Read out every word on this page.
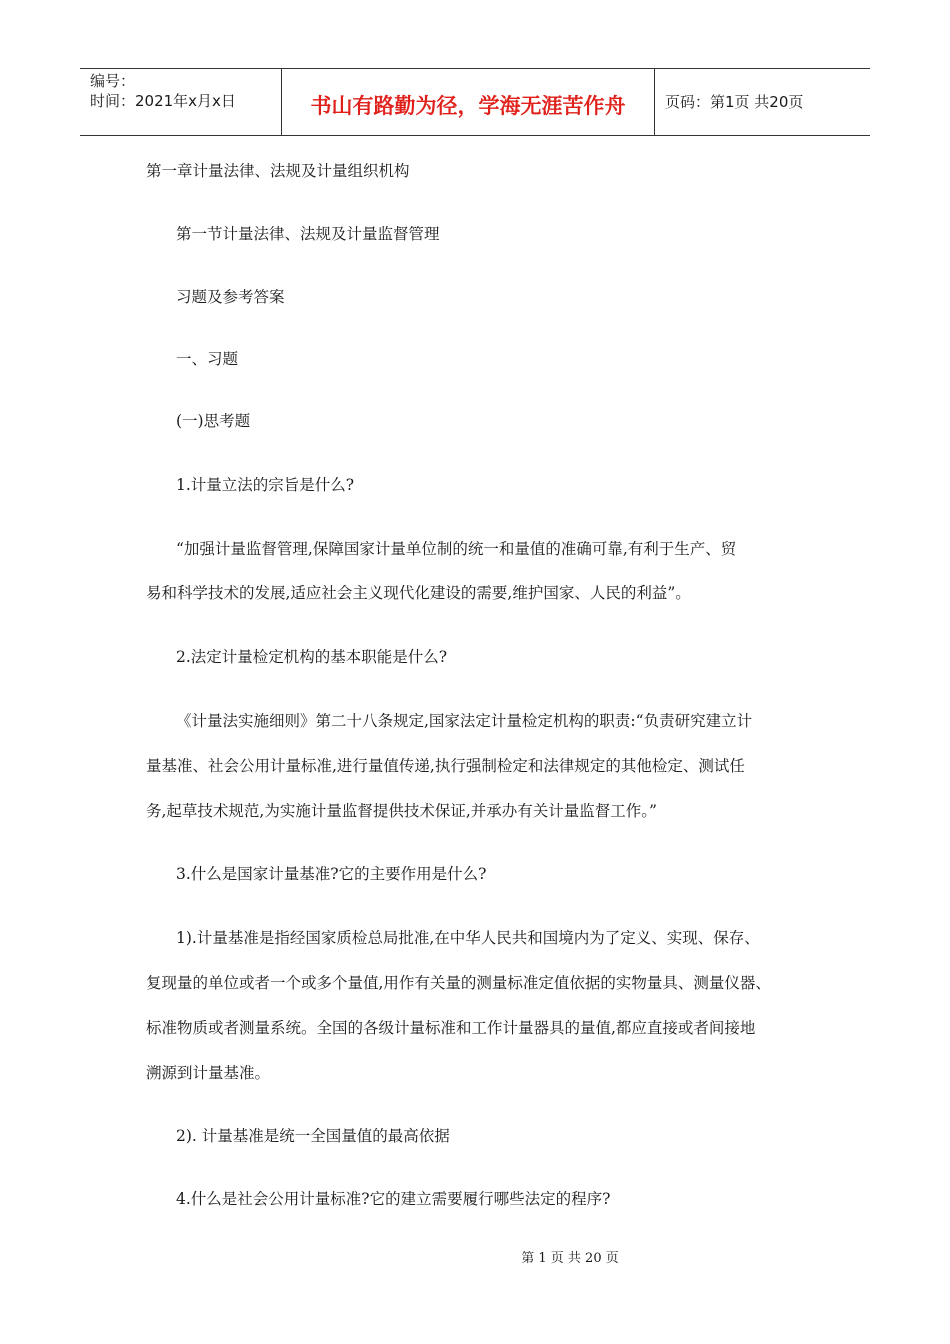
编号：
时间：2021年x月x日	书山有路勤为径，学海无涯苦作舟	页码：第1页 共20页
第一章计量法律、法规及计量组织机构
第一节计量法律、法规及计量监督管理
习题及参考答案
一、习题
(一)思考题
1.计量立法的宗旨是什么?
“加强计量监督管理,保障国家计量单位制的统一和量值的准确可靠,有利于生产、贸
易和科学技术的发展,适应社会主义现代化建设的需要,维护国家、人民的利益”。
2.法定计量检定机构的基本职能是什么?
《计量法实施细则》第二十八条规定,国家法定计量检定机构的职责:“负责研究建立计
量基准、社会公用计量标准,进行量值传递,执行强制检定和法律规定的其他检定、测试任
务,起草技术规范,为实施计量监督提供技术保证,并承办有关计量监督工作。”
3.什么是国家计量基准?它的主要作用是什么?
1).计量基准是指经国家质检总局批准,在中华人民共和国境内为了定义、实现、保存、
复现量的单位或者一个或多个量值,用作有关量的测量标准定值依据的实物量具、测量仪器、
标准物质或者测量系统。全国的各级计量标准和工作计量器具的量值,都应直接或者间接地
溯源到计量基准。
2). 计量基准是统一全国量值的最高依据
4.什么是社会公用计量标准?它的建立需要履行哪些法定的程序?
第 1 页 共 20 页
